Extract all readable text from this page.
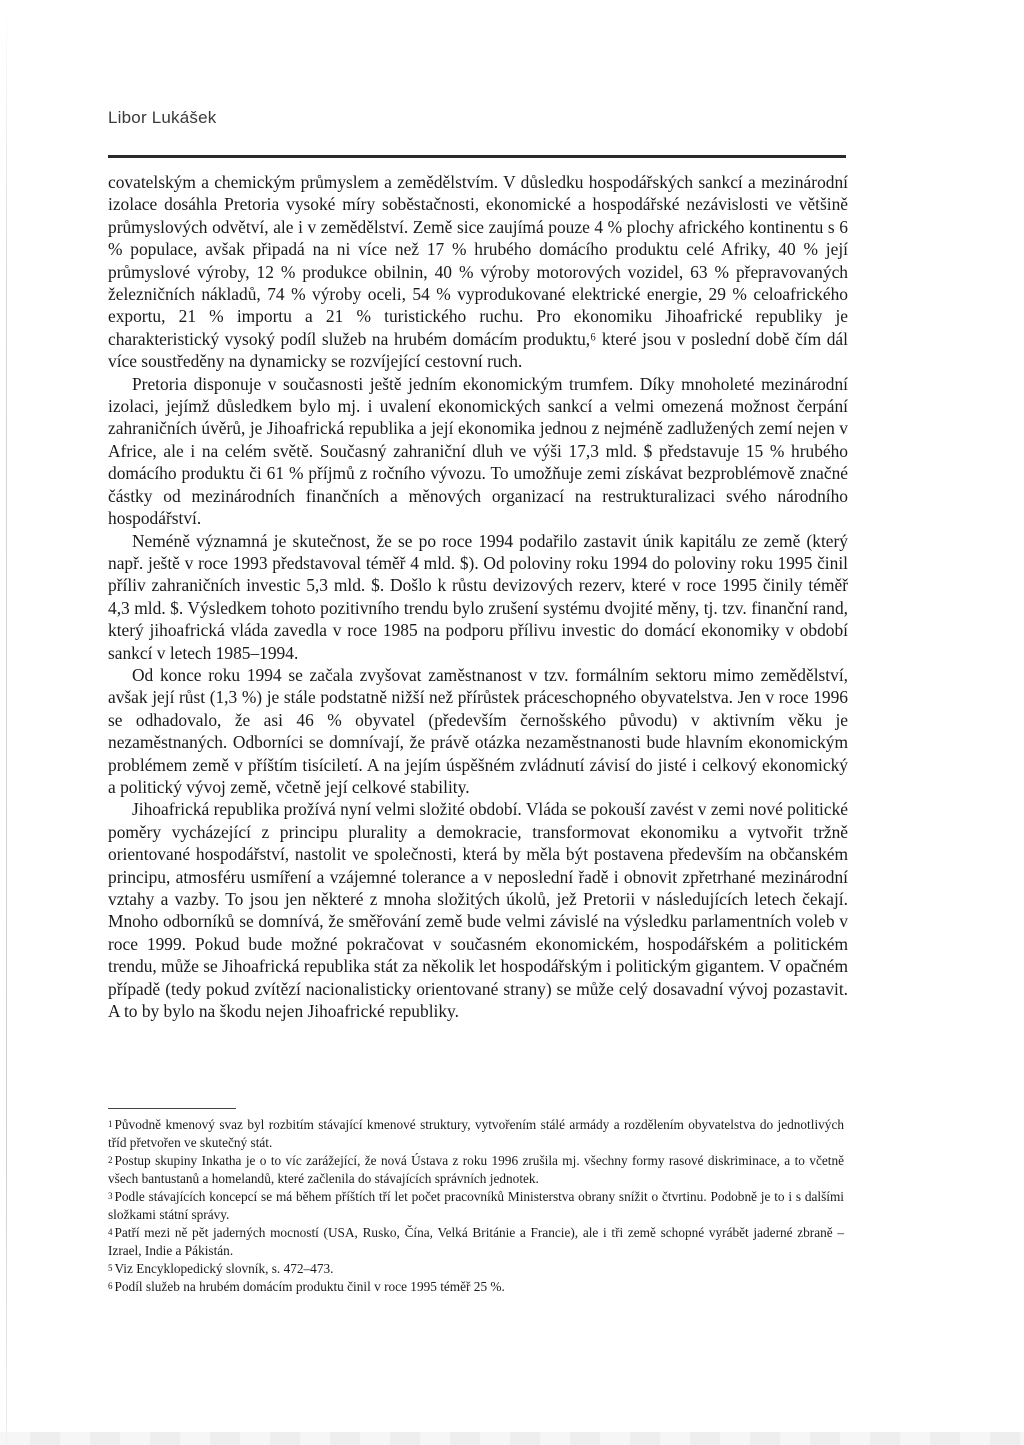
Libor Lukášek

covatelským a chemickým průmyslem a zemědělstvím. V důsledku hospodářských sankcí a mezinárodní izolace dosáhla Pretoria vysoké míry soběstačnosti, ekonomické a hospodářské nezávislosti ve většině průmyslových odvětví, ale i v zemědělství. Země sice zaujímá pouze 4 % plochy afrického kontinentu s 6 % populace, avšak připadá na ni více než 17 % hrubého domácího produktu celé Afriky, 40 % její průmyslové výroby, 12 % produkce obilnin, 40 % výroby motorových vozidel, 63 % přepravovaných železničních nákladů, 74 % výroby oceli, 54 % vyprodukované elektrické energie, 29 % celoafrického exportu, 21 % importu a 21 % turistického ruchu. Pro ekonomiku Jihoafrické republiky je charakteristický vysoký podíl služeb na hrubém domácím produktu,⁶ které jsou v poslední době čím dál více soustředěny na dynamicky se rozvíjející cestovní ruch.

Pretoria disponuje v současnosti ještě jedním ekonomickým trumfem. Díky mnoholeté mezinárodní izolaci, jejímž důsledkem bylo mj. i uvalení ekonomických sankcí a velmi omezená možnost čerpání zahraničních úvěrů, je Jihoafrická republika a její ekonomika jednou z nejméně zadlužených zemí nejen v Africe, ale i na celém světě. Současný zahraniční dluh ve výši 17,3 mld. $ představuje 15 % hrubého domácího produktu či 61 % příjmů z ročního vývozu. To umožňuje zemi získávat bezproblémově značné částky od mezinárodních finančních a měnových organizací na restrukturalizaci svého národního hospodářství.

Neméně významná je skutečnost, že se po roce 1994 podařilo zastavit únik kapitálu ze země (který např. ještě v roce 1993 představoval téměř 4 mld. $). Od poloviny roku 1994 do poloviny roku 1995 činil příliv zahraničních investic 5,3 mld. $. Došlo k růstu devizových rezerv, které v roce 1995 činily téměř 4,3 mld. $. Výsledkem tohoto pozitivního trendu bylo zrušení systému dvojité měny, tj. tzv. finanční rand, který jihoafrická vláda zavedla v roce 1985 na podporu přílivu investic do domácí ekonomiky v období sankcí v letech 1985–1994.

Od konce roku 1994 se začala zvyšovat zaměstnanost v tzv. formálním sektoru mimo zemědělství, avšak její růst (1,3 %) je stále podstatně nižší než přírůstek práceschopného obyvatelstva. Jen v roce 1996 se odhadovalo, že asi 46 % obyvatel (především černošského původu) v aktivním věku je nezaměstnaných. Odborníci se domnívají, že právě otázka nezaměstnanosti bude hlavním ekonomickým problémem země v příštím tisíciletí. A na jejím úspěšném zvládnutí závisí do jisté i celkový ekonomický a politický vývoj země, včetně její celkové stability.

Jihoafrická republika prožívá nyní velmi složité období. Vláda se pokouší zavést v zemi nové politické poměry vycházející z principu plurality a demokracie, transformovat ekonomiku a vytvořit tržně orientované hospodářství, nastolit ve společnosti, která by měla být postavena především na občanském principu, atmosféru usmíření a vzájemné tolerance a v neposlední řadě i obnovit zpřetrhané mezinárodní vztahy a vazby. To jsou jen některé z mnoha složitých úkolů, jež Pretorii v následujících letech čekají. Mnoho odborníků se domnívá, že směřování země bude velmi závislé na výsledku parlamentních voleb v roce 1999. Pokud bude možné pokračovat v současném ekonomickém, hospodářském a politickém trendu, může se Jihoafrická republika stát za několik let hospodářským i politickým gigantem. V opačném případě (tedy pokud zvítězí nacionalisticky orientované strany) se může celý dosavadní vývoj pozastavit. A to by bylo na škodu nejen Jihoafrické republiky.

$^1$ Původně kmenový svaz byl rozbitím stávající kmenové struktury, vytvořením stálé armády a rozdělením obyvatelstva do jednotlivých tříd přetvořen ve skutečný stát.

$^2$ Postup skupiny Inkatha je o to víc zarážející, že nová Ústava z roku 1996 zrušila mj. všechny formy rasové diskriminace, a to včetně všech bantustanů a homelandů, které začlenila do stávajících správních jednotek.

$^3$ Podle stávajících koncepcí se má během příštích tří let počet pracovníků Ministerstva obrany snížit o čtvrtinu. Podobně je to i s dalšími složkami státní správy.

$^4$ Patří mezi ně pět jaderných mocností (USA, Rusko, Čína, Velká Británie a Francie), ale i tři země schopné vyrábět jaderné zbraně – Izrael, Indie a Pákistán.

$^5$ Viz Encyklopedický slovník, s. 472–473.

$^6$ Podíl služeb na hrubém domácím produktu činil v roce 1995 téměř 25 %.
